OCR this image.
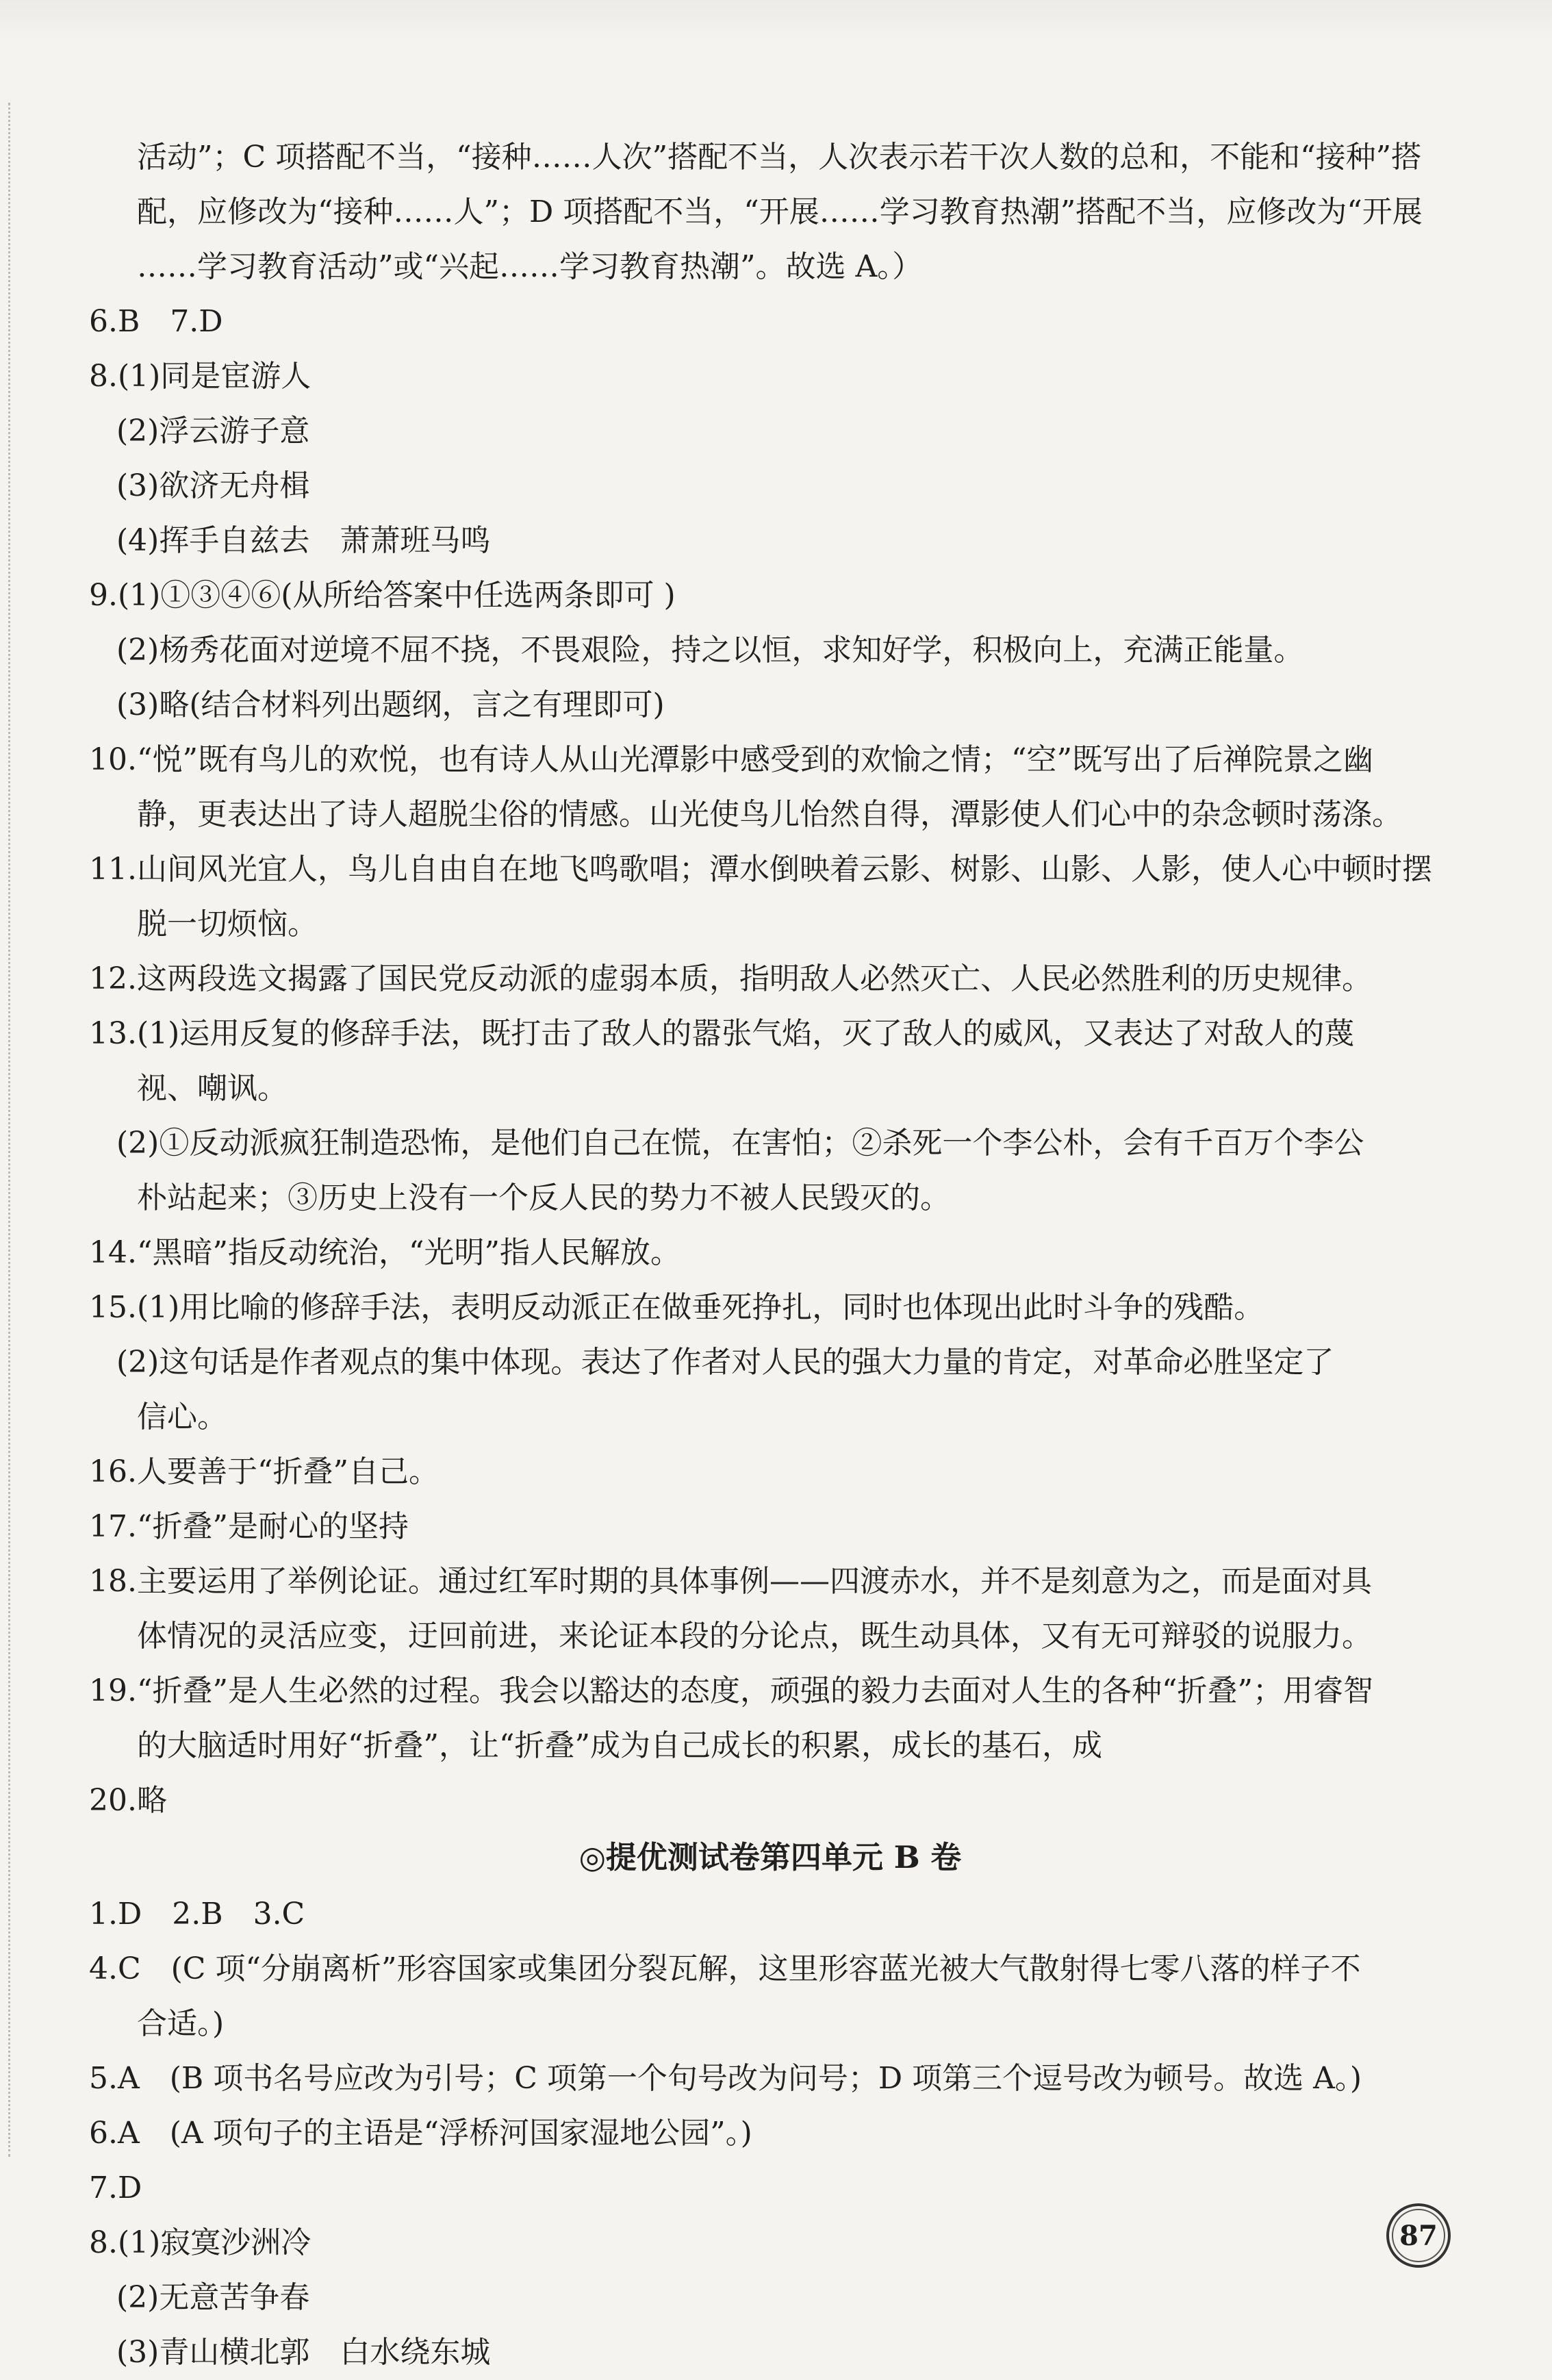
活动”；C 项搭配不当，“接种……人次”搭配不当，人次表示若干次人数的总和，不能和“接种”搭
配，应修改为“接种……人”；D 项搭配不当，“开展……学习教育热潮”搭配不当，应修改为“开展
……学习教育活动”或“兴起……学习教育热潮”。故选 A。）
6.B　7.D
8.(1)同是宦游人
(2)浮云游子意
(3)欲济无舟楫
(4)挥手自兹去　萧萧班马鸣
9.(1)①③④⑥(从所给答案中任选两条即可 )
(2)杨秀花面对逆境不屈不挠，不畏艰险，持之以恒，求知好学，积极向上，充满正能量。
(3)略(结合材料列出题纲，言之有理即可)
10.“悦”既有鸟儿的欢悦，也有诗人从山光潭影中感受到的欢愉之情；“空”既写出了后禅院景之幽
静，更表达出了诗人超脱尘俗的情感。山光使鸟儿怡然自得，潭影使人们心中的杂念顿时荡涤。
11.山间风光宜人，鸟儿自由自在地飞鸣歌唱；潭水倒映着云影、树影、山影、人影，使人心中顿时摆
脱一切烦恼。
12.这两段选文揭露了国民党反动派的虚弱本质，指明敌人必然灭亡、人民必然胜利的历史规律。
13.(1)运用反复的修辞手法，既打击了敌人的嚣张气焰，灭了敌人的威风，又表达了对敌人的蔑
视、嘲讽。
(2)①反动派疯狂制造恐怖，是他们自己在慌，在害怕；②杀死一个李公朴，会有千百万个李公
朴站起来；③历史上没有一个反人民的势力不被人民毁灭的。
14.“黑暗”指反动统治，“光明”指人民解放。
15.(1)用比喻的修辞手法，表明反动派正在做垂死挣扎，同时也体现出此时斗争的残酷。
(2)这句话是作者观点的集中体现。表达了作者对人民的强大力量的肯定，对革命必胜坚定了
信心。
16.人要善于“折叠”自己。
17.“折叠”是耐心的坚持
18.主要运用了举例论证。通过红军时期的具体事例——四渡赤水，并不是刻意为之，而是面对具
体情况的灵活应变，迂回前进，来论证本段的分论点，既生动具体，又有无可辩驳的说服力。
19.“折叠”是人生必然的过程。我会以豁达的态度，顽强的毅力去面对人生的各种“折叠”；用睿智
的大脑适时用好“折叠”，让“折叠”成为自己成长的积累，成长的基石，成
20.略
◎提优测试卷第四单元 B 卷
1.D　2.B　3.C
4.C　(C 项“分崩离析”形容国家或集团分裂瓦解，这里形容蓝光被大气散射得七零八落的样子不
合适。)
5.A　(B 项书名号应改为引号；C 项第一个句号改为问号；D 项第三个逗号改为顿号。故选 A。)
6.A　(A 项句子的主语是“浮桥河国家湿地公园”。)
7.D
8.(1)寂寞沙洲冷
(2)无意苦争春
(3)青山横北郭　白水绕东城
87
